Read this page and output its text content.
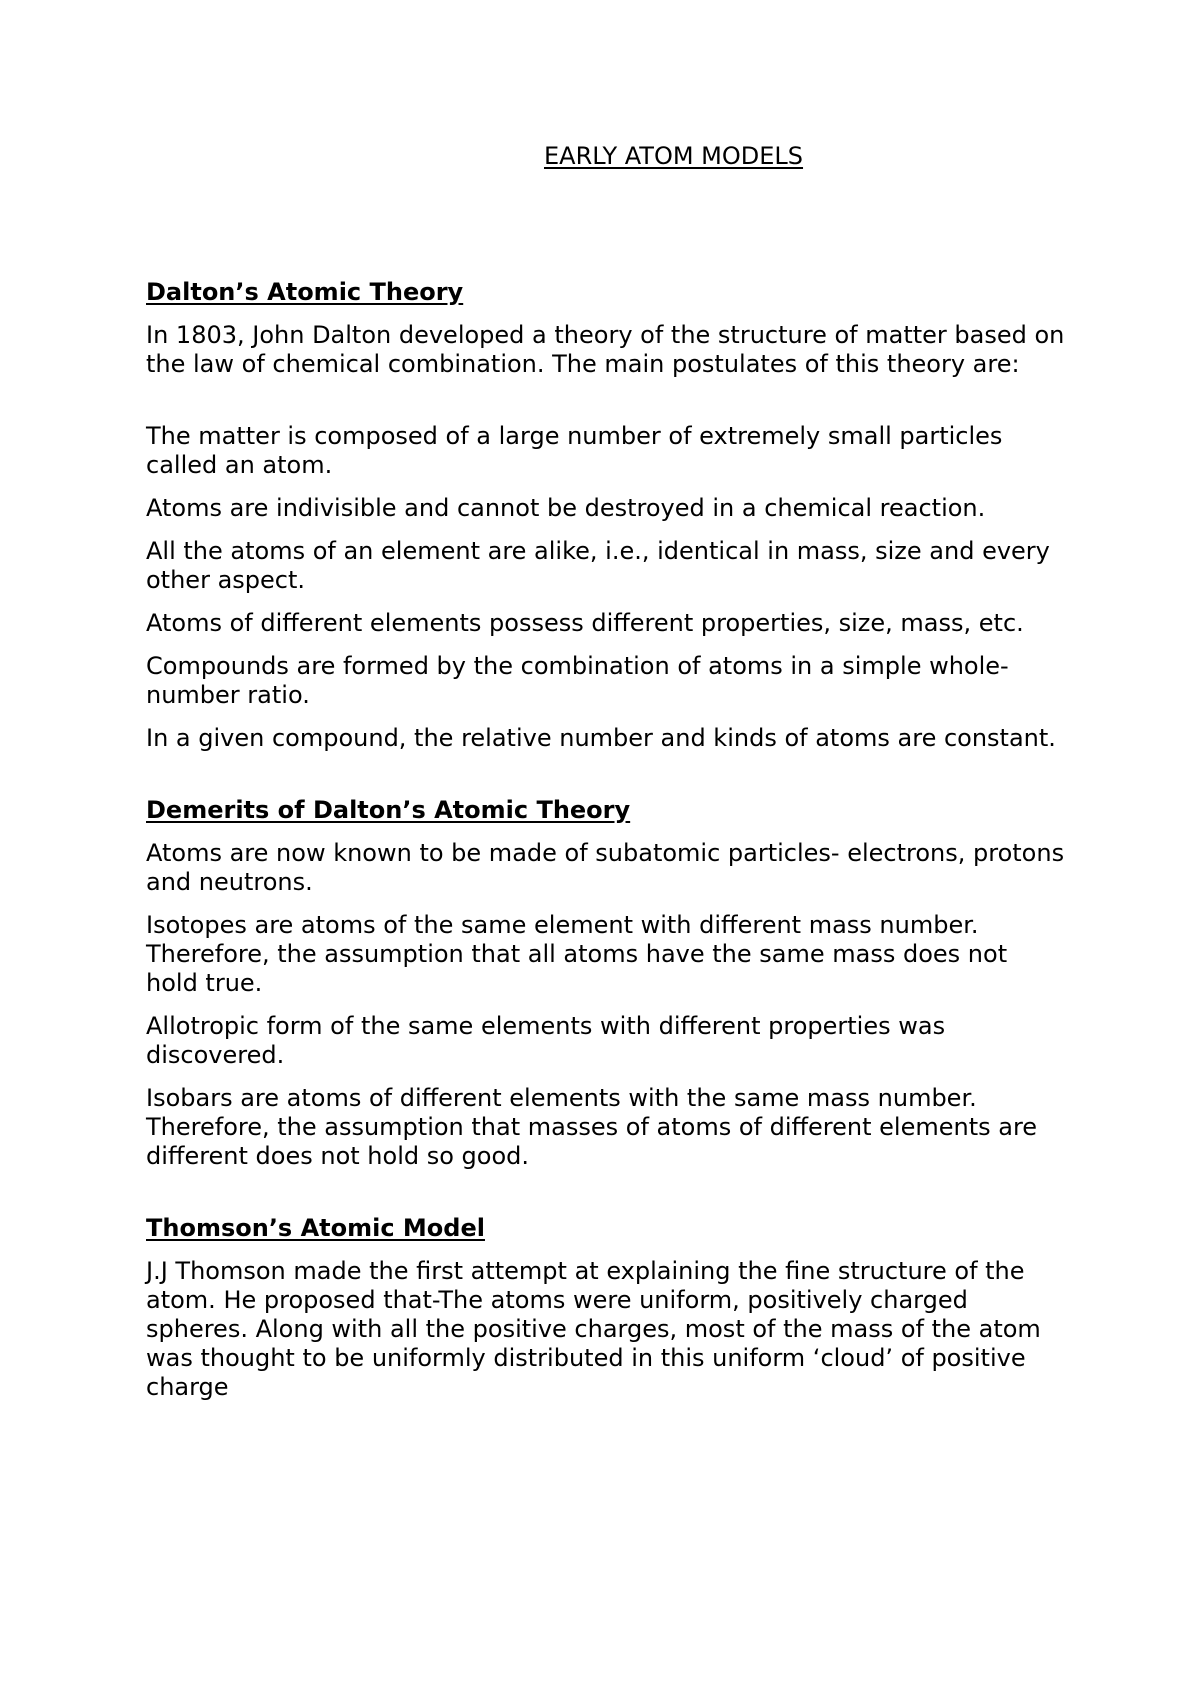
EARLY ATOM MODELS
Dalton’s Atomic Theory

In 1803, John Dalton developed a theory of the structure of matter based on the law of chemical combination. The main postulates of this theory are:

The matter is composed of a large number of extremely small particles called an atom.

Atoms are indivisible and cannot be destroyed in a chemical reaction.

All the atoms of an element are alike, i.e., identical in mass, size and every other aspect.

Atoms of different elements possess different properties, size, mass, etc.

Compounds are formed by the combination of atoms in a simple whole-number ratio.

In a given compound, the relative number and kinds of atoms are constant.

Demerits of Dalton’s Atomic Theory

Atoms are now known to be made of subatomic particles- electrons, protons and neutrons.

Isotopes are atoms of the same element with different mass number. Therefore, the assumption that all atoms have the same mass does not hold true.

Allotropic form of the same elements with different properties was discovered.

Isobars are atoms of different elements with the same mass number. Therefore, the assumption that masses of atoms of different elements are different does not hold so good.

Thomson’s Atomic Model

J.J Thomson made the first attempt at explaining the fine structure of the atom. He proposed that-The atoms were uniform, positively charged spheres. Along with all the positive charges, most of the mass of the atom was thought to be uniformly distributed in this uniform ‘cloud’ of positive charge
